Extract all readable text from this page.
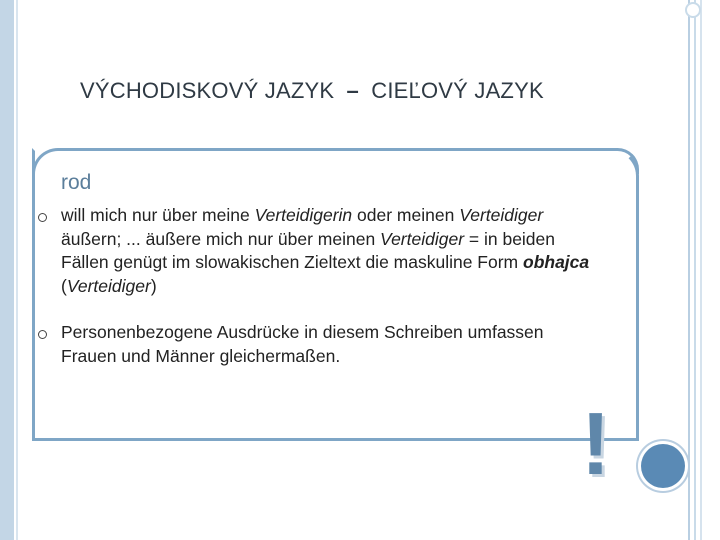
VÝCHODISKOVÝ JAZYK – CIEĽOVÝ JAZYK
rod
will mich nur über meine Verteidigerin oder meinen Verteidiger äußern; ... äußere mich nur über meinen Verteidiger = in beiden Fällen genügt im slowakischen Zieltext die maskuline Form obhajca (Verteidiger)
Personenbezogene Ausdrücke in diesem Schreiben umfassen Frauen und Männer gleichermaßen.
!
